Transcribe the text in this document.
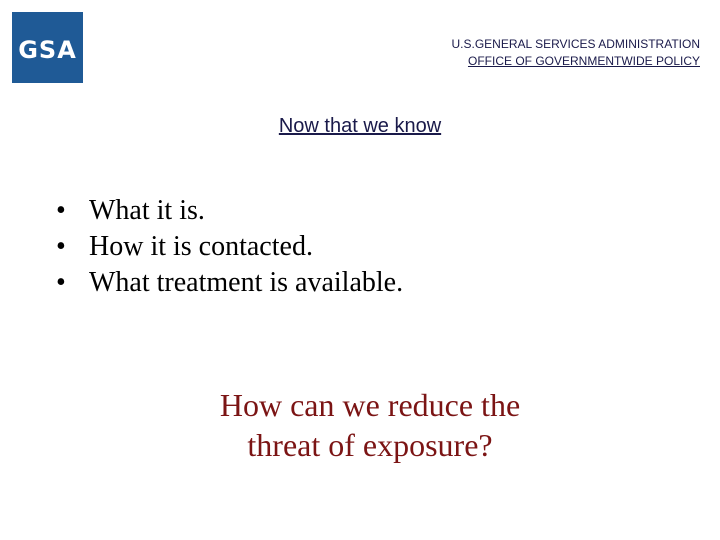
GSA	U.S.GENERAL SERVICES ADMINISTRATION
OFFICE OF GOVERNMENTWIDE POLICY
Now that we know
• What it is.
• How it is contacted.
• What treatment is available.
How can we reduce the
threat of exposure?
